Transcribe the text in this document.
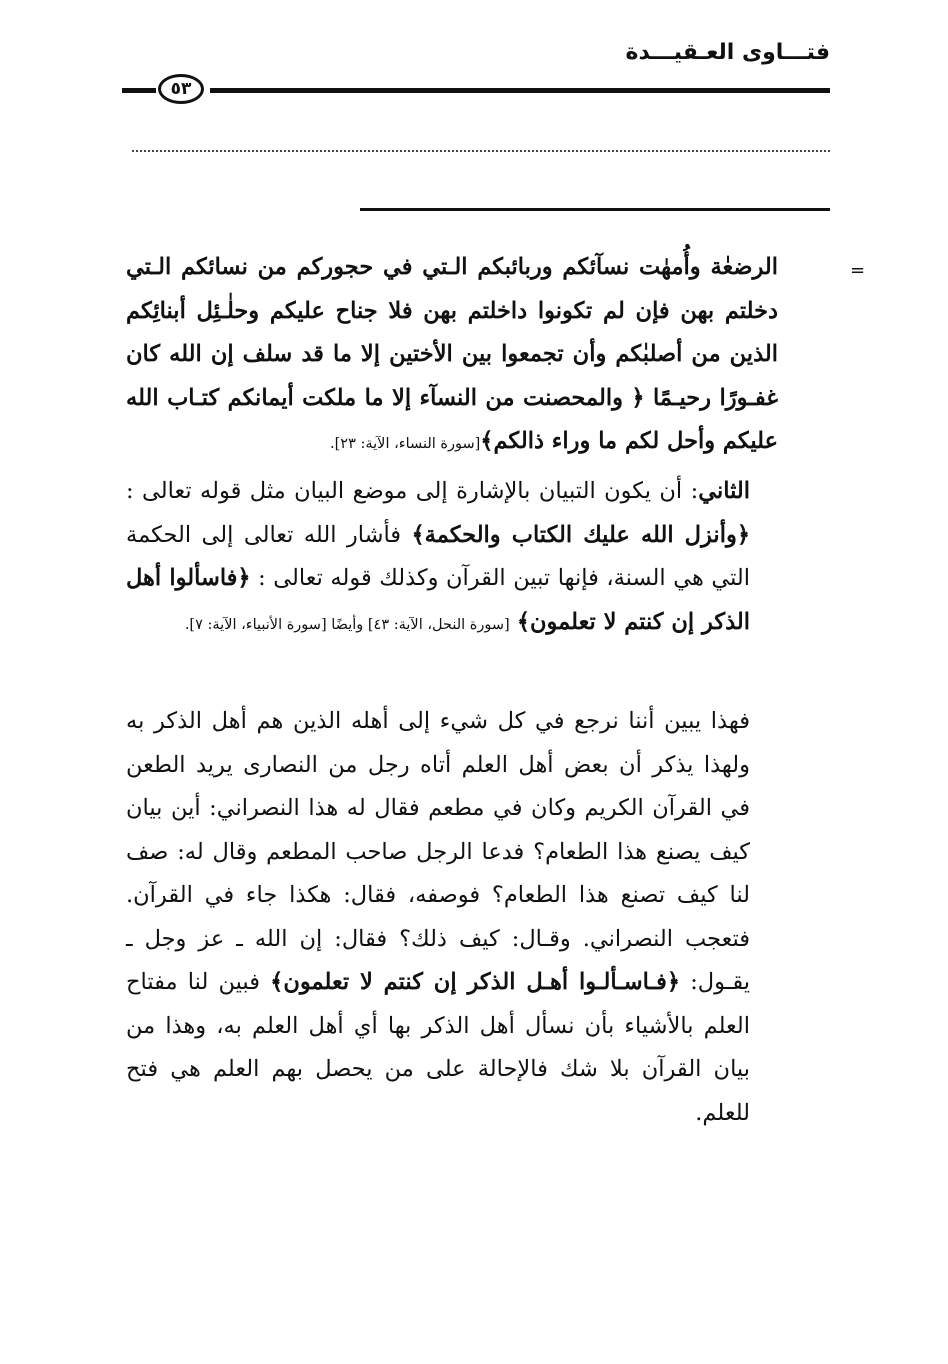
فتـــاوى العـقيـــدة
٥٣
=

الرضعٰة وأُمهٰت نسآئكم وربائبكم الـتي في حجوركم من نسائكم الـتي دخلتم بهن فإن لم تكونوا داخلتم بهن فلا جناح عليكم وحلٰـئِل أبنائِكم الذين من أصلبٰكم وأن تجمعوا بين الأختين إلا ما قد سلف إن الله كان غفـورًا رحيـمًا ﴿ والمحصنت من النسآء إلا ما ملكت أيمانكم كتـاب الله عليكم وأحل لكم ما وراء ذالكم﴾[سورة النساء، الآية: ٢٣].

الثاني: أن يكون التبيان بالإشارة إلى موضع البيان مثل قوله تعالى : ﴿وأنزل الله عليك الكتاب والحكمة﴾ فأشار الله تعالى إلى الحكمة التي هي السنة، فإنها تبين القرآن وكذلك قوله تعالى : ﴿فاسألوا أهل الذكر إن كنتم لا تعلمون﴾ [سورة النحل، الآية: ٤٣] وأيضًا [سورة الأنبياء، الآية: ٧].

فهذا يبين أننا نرجع في كل شيء إلى أهله الذين هم أهل الذكر به ولهذا يذكر أن بعض أهل العلم أتاه رجل من النصارى يريد الطعن في القرآن الكريم وكان في مطعم فقال له هذا النصراني: أين بيان كيف يصنع هذا الطعام؟ فدعا الرجل صاحب المطعم وقال له: صف لنا كيف تصنع هذا الطعام؟ فوصفه، فقال: هكذا جاء في القرآن. فتعجب النصراني. وقـال: كيف ذلك؟ فقال: إن الله ـ عز وجل ـ يقـول: ﴿فـاسـألـوا أهـل الذكر إن كنتم لا تعلمون﴾ فبين لنا مفتاح العلم بالأشياء بأن نسأل أهل الذكر بها أي أهل العلم به، وهذا من بيان القرآن بلا شك فالإحالة على من يحصل بهم العلم هي فتح للعلم.
